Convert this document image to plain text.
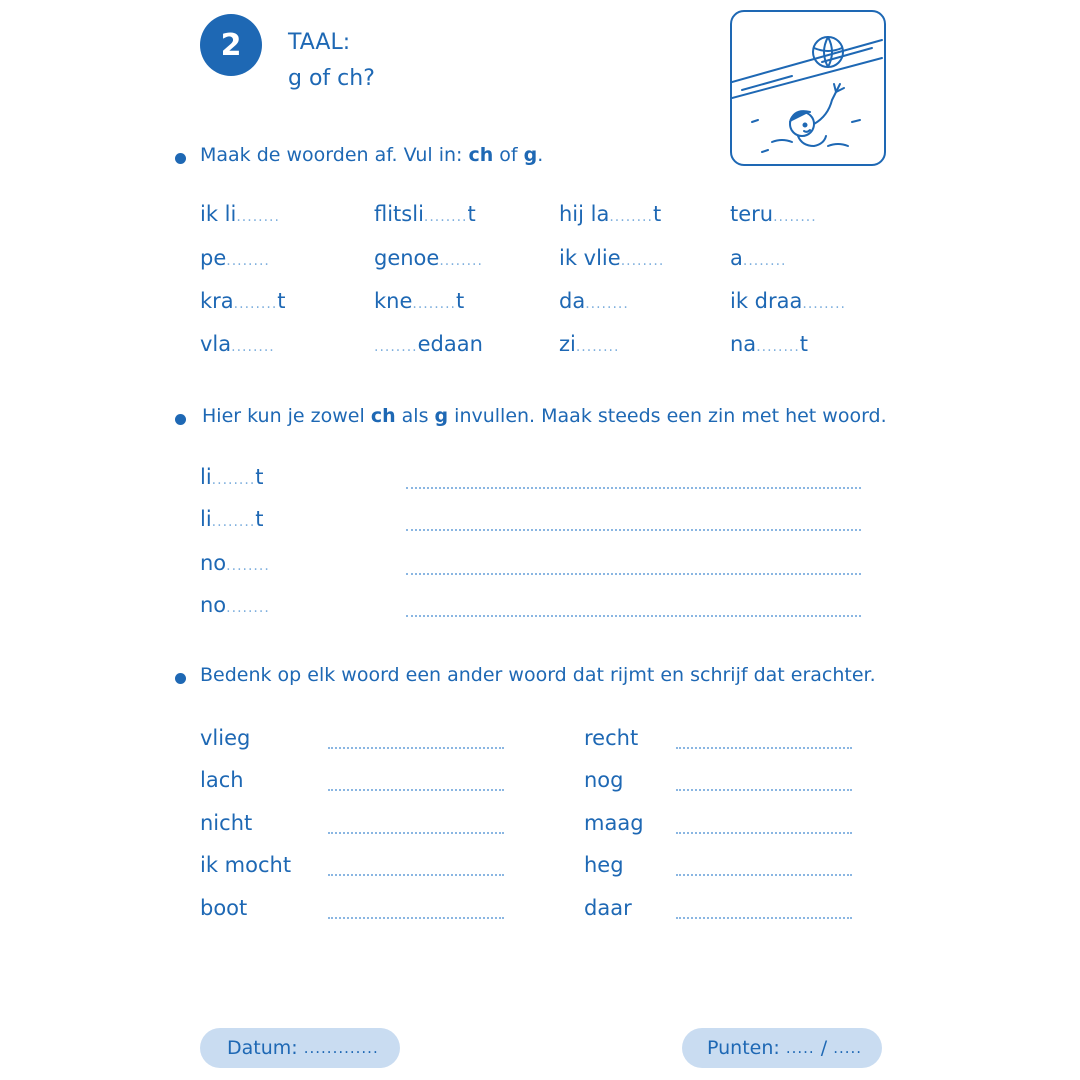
2	TAAL:
g of ch?
Maak de woorden af. Vul in: ch of g.
ik li........	flitsli........t	hij la........t	teru........
pe........	genoe........	ik vlie........	a........
kra........t	kne........t	da........	ik draa........
vla........	........edaan	zi........	na........t
Hier kun je zowel ch als g invullen. Maak steeds een zin met het woord.
li........t
li........t
no........
no........
Bedenk op elk woord een ander woord dat rijmt en schrijf dat erachter.
vlieg
lach
nicht
ik mocht
boot
recht
nog
maag
heg
daar
Datum:
.............	Punten:
.....
/
.....
